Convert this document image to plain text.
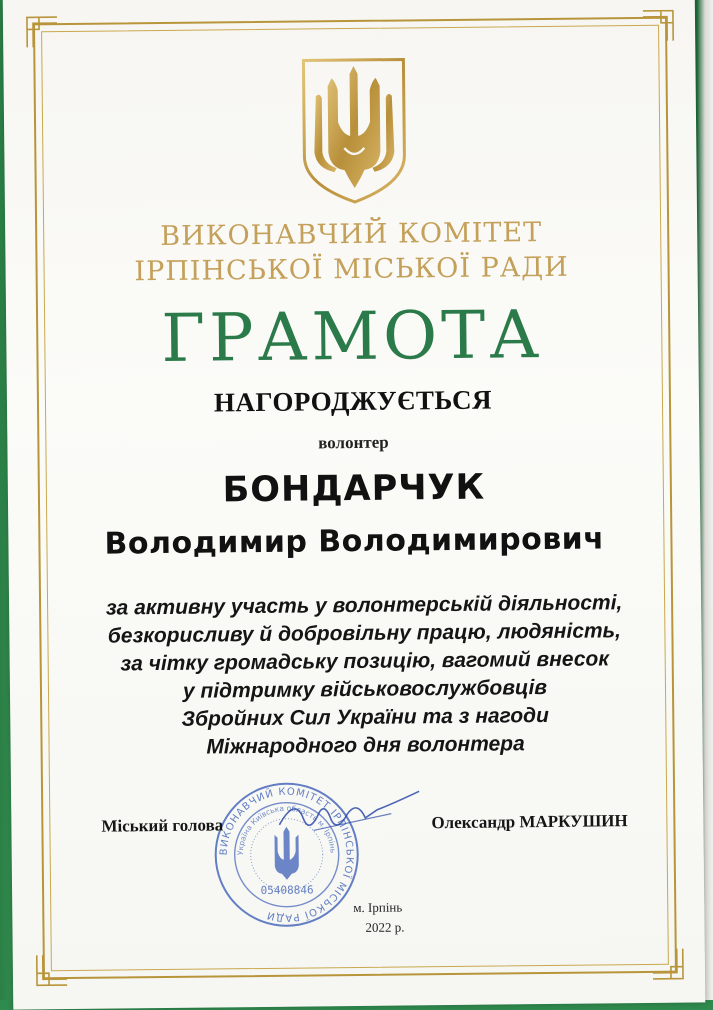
ВИКОНАВЧИЙ КОМІТЕТ
ІРПІНСЬКОЇ МІСЬКОЇ РАДИ
ГРАМОТА
НАГОРОДЖУЄТЬСЯ
волонтер
БОНДАРЧУК
Володимир Володимирович
за активну участь у волонтерській діяльності,
безкорисливу й добровільну працю, людяність,
за чітку громадську позицію, вагомий внесок
у підтримку військовослужбовців
Збройних Сил України та з нагоди
Міжнародного дня волонтера
ВИКОНАВЧИЙ КОМІТЕТ ІРПІНСЬКОЇ МІСЬКОЇ РАДИ
Україна Київська область м. Ірпінь
05408846
Міський голова	Олександр МАРКУШИН
м. Ірпінь
2022 р.
